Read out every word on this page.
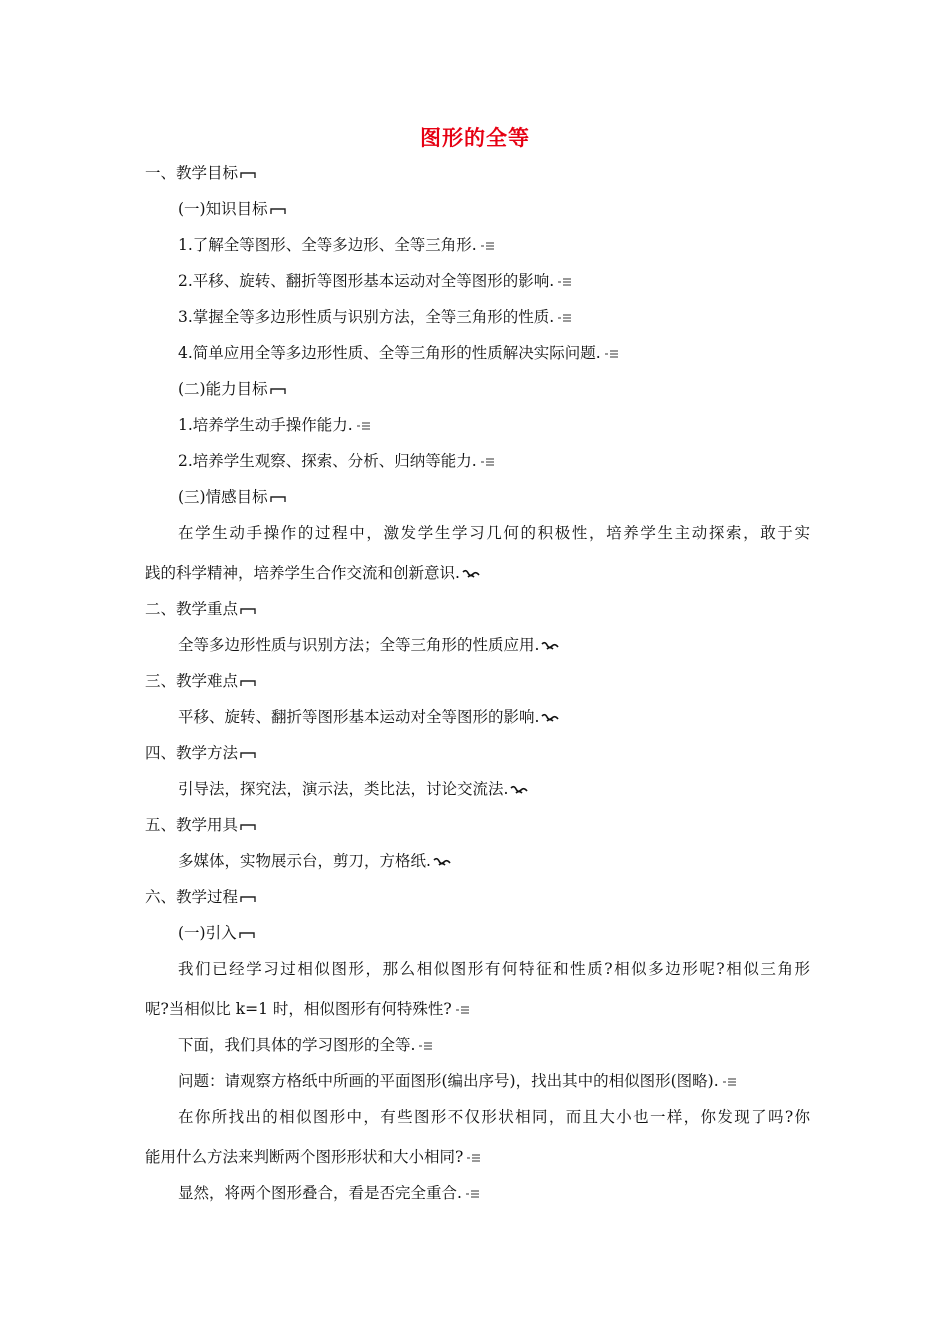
图形的全等
一、教学目标
(一)知识目标
1.了解全等图形、全等多边形、全等三角形.
2.平移、旋转、翻折等图形基本运动对全等图形的影响.
3.掌握全等多边形性质与识别方法，全等三角形的性质.
4.简单应用全等多边形性质、全等三角形的性质解决实际问题.
(二)能力目标
1.培养学生动手操作能力.
2.培养学生观察、探索、分析、归纳等能力.
(三)情感目标
在学生动手操作的过程中，激发学生学习几何的积极性，培养学生主动探索，敢于实
践的科学精神，培养学生合作交流和创新意识.
二、教学重点
全等多边形性质与识别方法；全等三角形的性质应用.
三、教学难点
平移、旋转、翻折等图形基本运动对全等图形的影响.
四、教学方法
引导法，探究法，演示法，类比法，讨论交流法.
五、教学用具
多媒体，实物展示台，剪刀，方格纸.
六、教学过程
(一)引入
我们已经学习过相似图形，那么相似图形有何特征和性质?相似多边形呢?相似三角形
呢?当相似比 k=1 时，相似图形有何特殊性?
下面，我们具体的学习图形的全等.
问题：请观察方格纸中所画的平面图形(编出序号)，找出其中的相似图形(图略).
在你所找出的相似图形中，有些图形不仅形状相同，而且大小也一样，你发现了吗?你
能用什么方法来判断两个图形形状和大小相同?
显然，将两个图形叠合，看是否完全重合.
